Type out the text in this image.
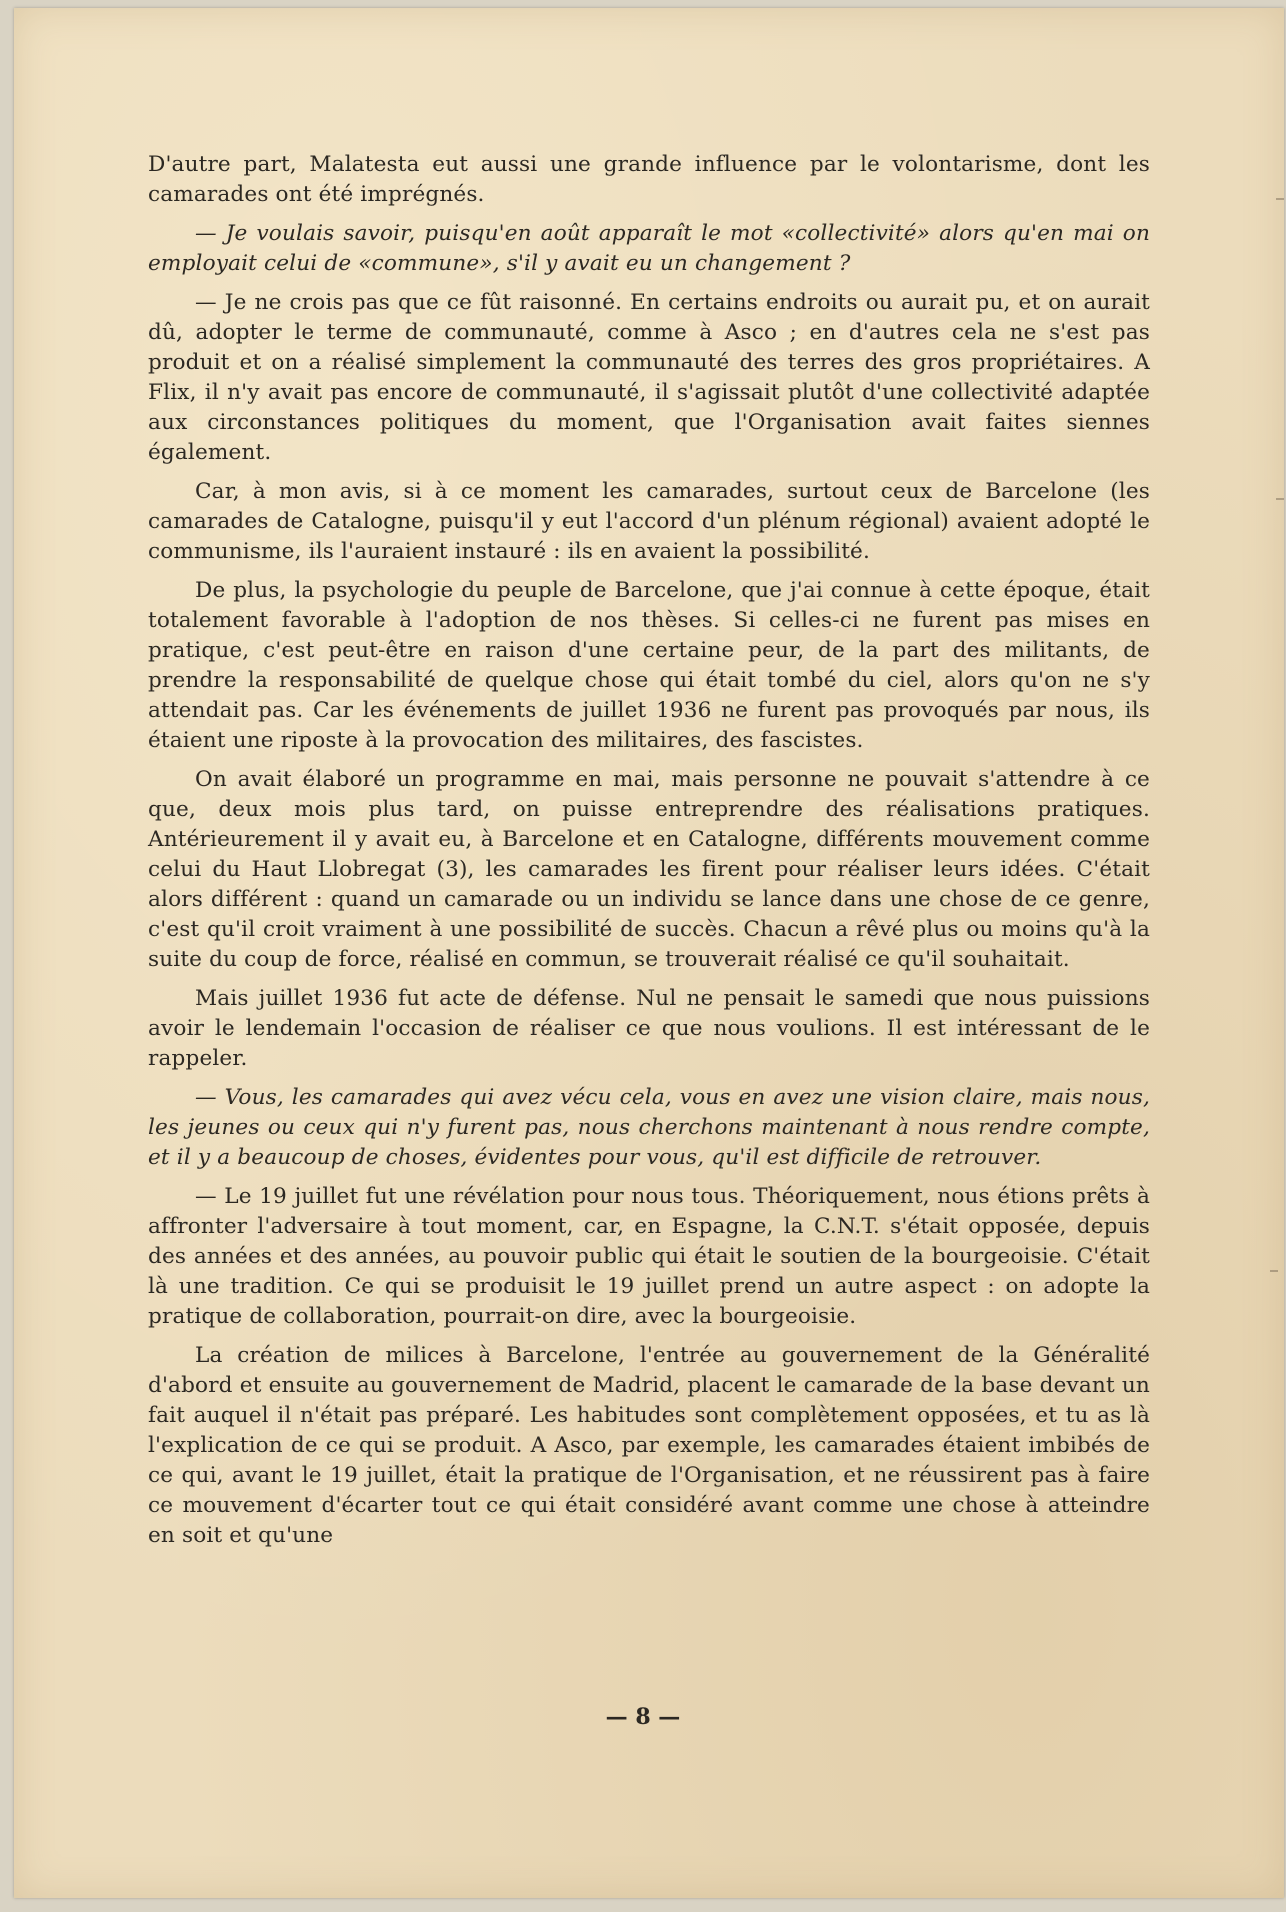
D'autre part, Malatesta eut aussi une grande influence par le volontarisme, dont les camarades ont été imprégnés.

— Je voulais savoir, puisqu'en août apparaît le mot «collectivité» alors qu'en mai on employait celui de «commune», s'il y avait eu un changement ?

— Je ne crois pas que ce fût raisonné. En certains endroits ou aurait pu, et on aurait dû, adopter le terme de communauté, comme à Asco ; en d'autres cela ne s'est pas produit et on a réalisé simplement la communauté des terres des gros propriétaires. A Flix, il n'y avait pas encore de communauté, il s'agissait plutôt d'une collectivité adaptée aux circonstances politiques du moment, que l'Organisation avait faites siennes également.

Car, à mon avis, si à ce moment les camarades, surtout ceux de Barcelone (les camarades de Catalogne, puisqu'il y eut l'accord d'un plénum régional) avaient adopté le communisme, ils l'auraient instauré : ils en avaient la possibilité.

De plus, la psychologie du peuple de Barcelone, que j'ai connue à cette époque, était totalement favorable à l'adoption de nos thèses. Si celles-ci ne furent pas mises en pratique, c'est peut-être en raison d'une certaine peur, de la part des militants, de prendre la responsabilité de quelque chose qui était tombé du ciel, alors qu'on ne s'y attendait pas. Car les événements de juillet 1936 ne furent pas provoqués par nous, ils étaient une riposte à la provocation des militaires, des fascistes.

On avait élaboré un programme en mai, mais personne ne pouvait s'attendre à ce que, deux mois plus tard, on puisse entreprendre des réalisations pratiques. Antérieurement il y avait eu, à Barcelone et en Catalogne, différents mouvement comme celui du Haut Llobregat (3), les camarades les firent pour réaliser leurs idées. C'était alors différent : quand un camarade ou un individu se lance dans une chose de ce genre, c'est qu'il croit vraiment à une possibilité de succès. Chacun a rêvé plus ou moins qu'à la suite du coup de force, réalisé en commun, se trouverait réalisé ce qu'il souhaitait.

Mais juillet 1936 fut acte de défense. Nul ne pensait le samedi que nous puissions avoir le lendemain l'occasion de réaliser ce que nous voulions. Il est intéressant de le rappeler.

— Vous, les camarades qui avez vécu cela, vous en avez une vision claire, mais nous, les jeunes ou ceux qui n'y furent pas, nous cherchons maintenant à nous rendre compte, et il y a beaucoup de choses, évidentes pour vous, qu'il est difficile de retrouver.

— Le 19 juillet fut une révélation pour nous tous. Théoriquement, nous étions prêts à affronter l'adversaire à tout moment, car, en Espagne, la C.N.T. s'était opposée, depuis des années et des années, au pouvoir public qui était le soutien de la bourgeoisie. C'était là une tradition. Ce qui se produisit le 19 juillet prend un autre aspect : on adopte la pratique de collaboration, pourrait-on dire, avec la bourgeoisie.

La création de milices à Barcelone, l'entrée au gouvernement de la Généralité d'abord et ensuite au gouvernement de Madrid, placent le camarade de la base devant un fait auquel il n'était pas préparé. Les habitudes sont complètement opposées, et tu as là l'explication de ce qui se produit. A Asco, par exemple, les camarades étaient imbibés de ce qui, avant le 19 juillet, était la pratique de l'Organisation, et ne réussirent pas à faire ce mouvement d'écarter tout ce qui était considéré avant comme une chose à atteindre en soit et qu'une

— 8 —
